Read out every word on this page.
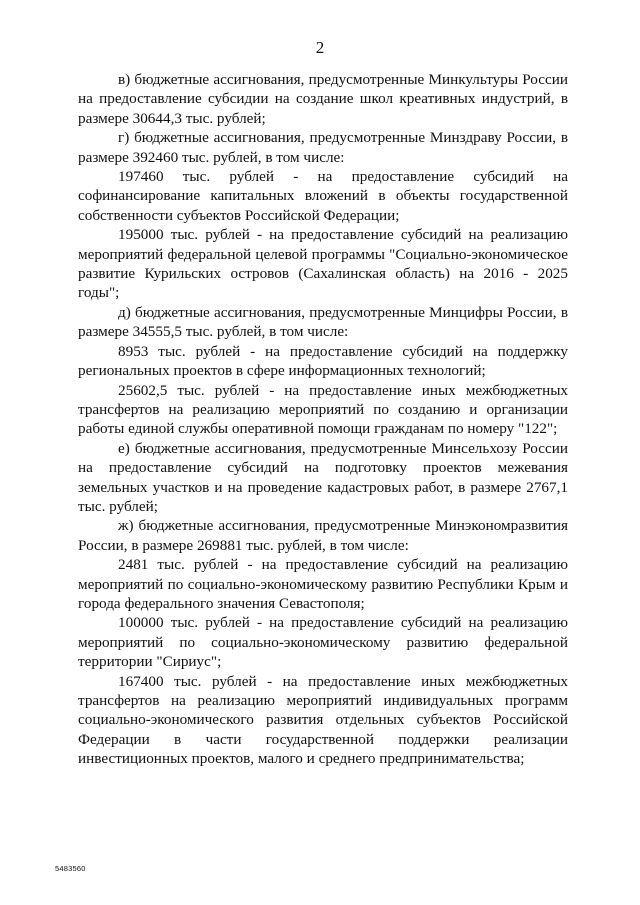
2

в) бюджетные ассигнования, предусмотренные Минкультуры России на предоставление субсидии на создание школ креативных индустрий, в размере 30644,3 тыс. рублей;

г) бюджетные ассигнования, предусмотренные Минздраву России, в размере 392460 тыс. рублей, в том числе:

197460 тыс. рублей - на предоставление субсидий на софинансирование капитальных вложений в объекты государственной собственности субъектов Российской Федерации;

195000 тыс. рублей - на предоставление субсидий на реализацию мероприятий федеральной целевой программы "Социально-экономическое развитие Курильских островов (Сахалинская область) на 2016 - 2025 годы";

д) бюджетные ассигнования, предусмотренные Минцифры России, в размере 34555,5 тыс. рублей, в том числе:

8953 тыс. рублей - на предоставление субсидий на поддержку региональных проектов в сфере информационных технологий;

25602,5 тыс. рублей - на предоставление иных межбюджетных трансфертов на реализацию мероприятий по созданию и организации работы единой службы оперативной помощи гражданам по номеру "122";

е) бюджетные ассигнования, предусмотренные Минсельхозу России на предоставление субсидий на подготовку проектов межевания земельных участков и на проведение кадастровых работ, в размере 2767,1 тыс. рублей;

ж) бюджетные ассигнования, предусмотренные Минэкономразвития России, в размере 269881 тыс. рублей, в том числе:

2481 тыс. рублей - на предоставление субсидий на реализацию мероприятий по социально-экономическому развитию Республики Крым и города федерального значения Севастополя;

100000 тыс. рублей - на предоставление субсидий на реализацию мероприятий по социально-экономическому развитию федеральной территории "Сириус";

167400 тыс. рублей - на предоставление иных межбюджетных трансфертов на реализацию мероприятий индивидуальных программ социально-экономического развития отдельных субъектов Российской Федерации в части государственной поддержки реализации инвестиционных проектов, малого и среднего предпринимательства;

5483560
